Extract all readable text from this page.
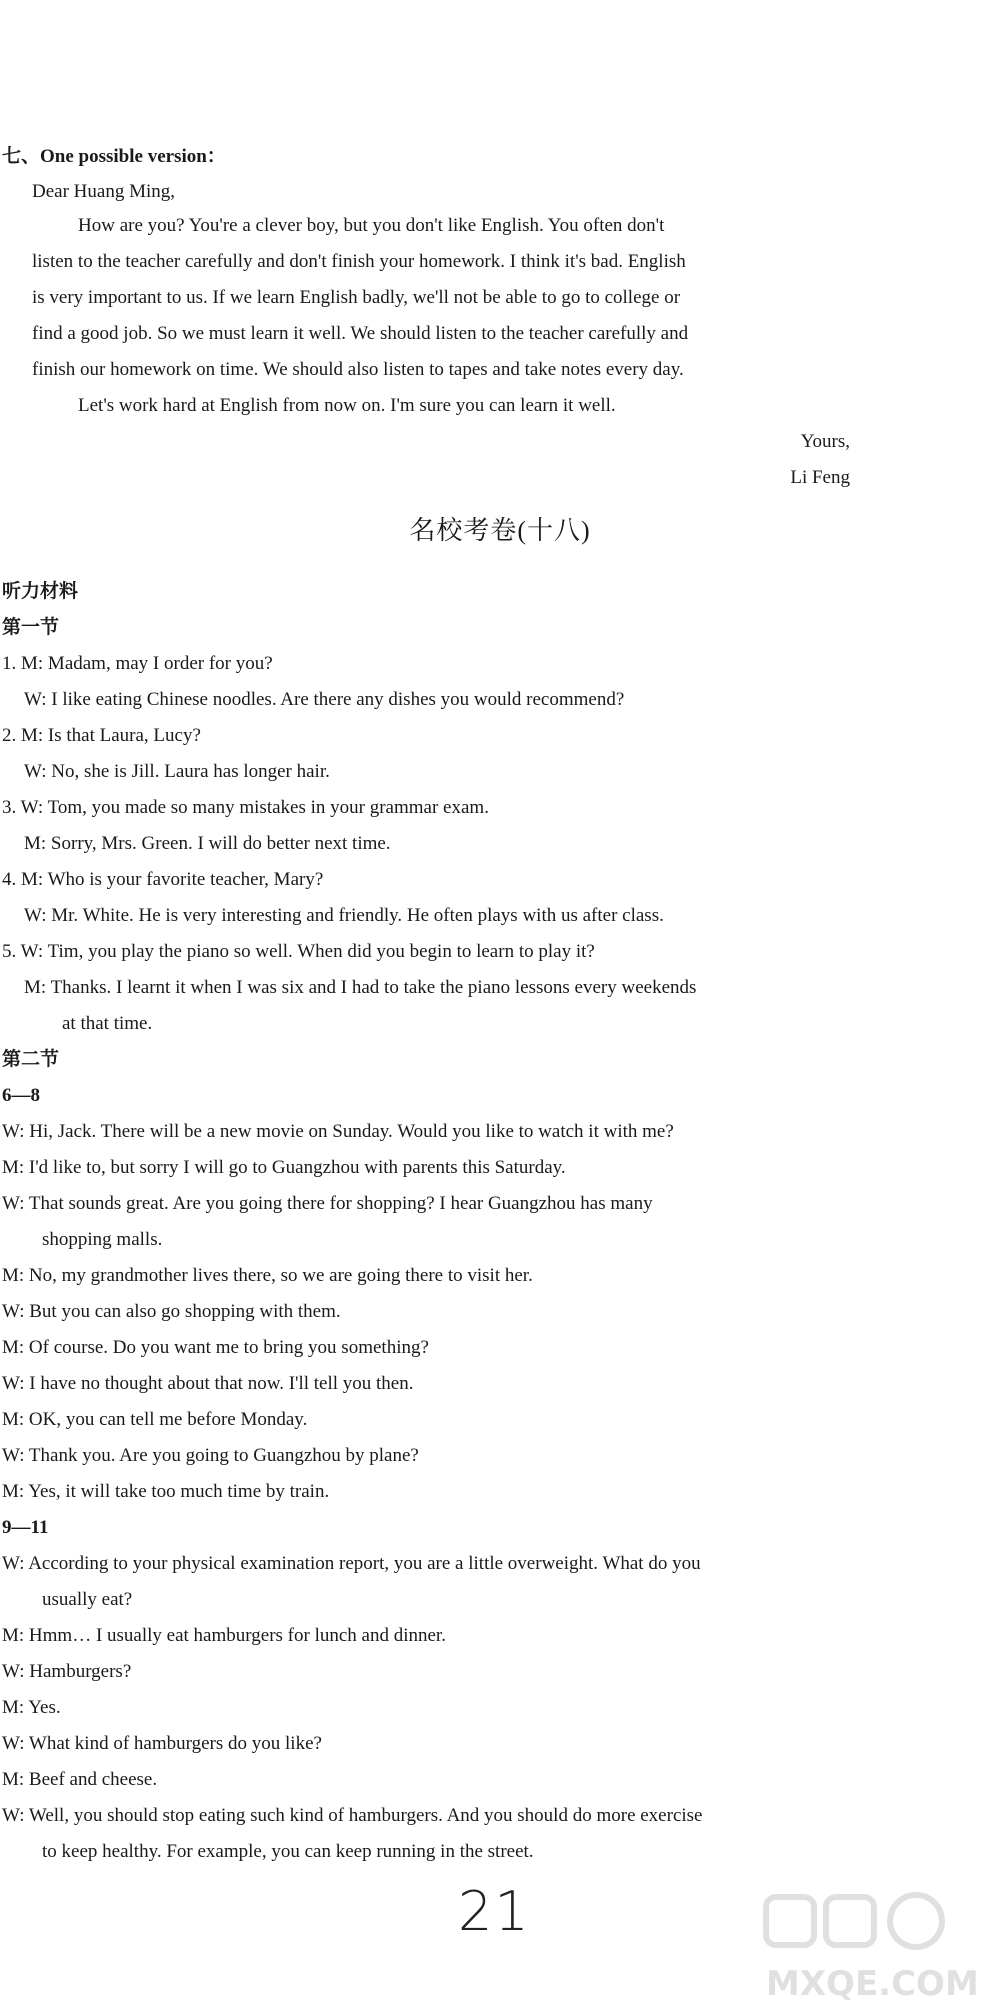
七、One possible version：
Dear Huang Ming,
How are you? You're a clever boy, but you don't like English. You often don't
listen to the teacher carefully and don't finish your homework. I think it's bad. English
is very important to us. If we learn English badly, we'll not be able to go to college or
find a good job. So we must learn it well. We should listen to the teacher carefully and
finish our homework on time. We should also listen to tapes and take notes every day.
Let's work hard at English from now on. I'm sure you can learn it well.
Yours,
Li Feng
名校考卷(十八)
听力材料
第一节
1. M: Madam, may I order for you?
W: I like eating Chinese noodles. Are there any dishes you would recommend?
2. M: Is that Laura, Lucy?
W: No, she is Jill. Laura has longer hair.
3. W: Tom, you made so many mistakes in your grammar exam.
M: Sorry, Mrs. Green. I will do better next time.
4. M: Who is your favorite teacher, Mary?
W: Mr. White. He is very interesting and friendly. He often plays with us after class.
5. W: Tim, you play the piano so well. When did you begin to learn to play it?
M: Thanks. I learnt it when I was six and I had to take the piano lessons every weekends
at that time.
第二节
6—8
W: Hi, Jack. There will be a new movie on Sunday. Would you like to watch it with me?
M: I'd like to, but sorry I will go to Guangzhou with parents this Saturday.
W: That sounds great. Are you going there for shopping? I hear Guangzhou has many
shopping malls.
M: No, my grandmother lives there, so we are going there to visit her.
W: But you can also go shopping with them.
M: Of course. Do you want me to bring you something?
W: I have no thought about that now. I'll tell you then.
M: OK, you can tell me before Monday.
W: Thank you. Are you going to Guangzhou by plane?
M: Yes, it will take too much time by train.
9—11
W: According to your physical examination report, you are a little overweight. What do you
usually eat?
M: Hmm… I usually eat hamburgers for lunch and dinner.
W: Hamburgers?
M: Yes.
W: What kind of hamburgers do you like?
M: Beef and cheese.
W: Well, you should stop eating such kind of hamburgers. And you should do more exercise
to keep healthy. For example, you can keep running in the street.
21
MXQE.COM
